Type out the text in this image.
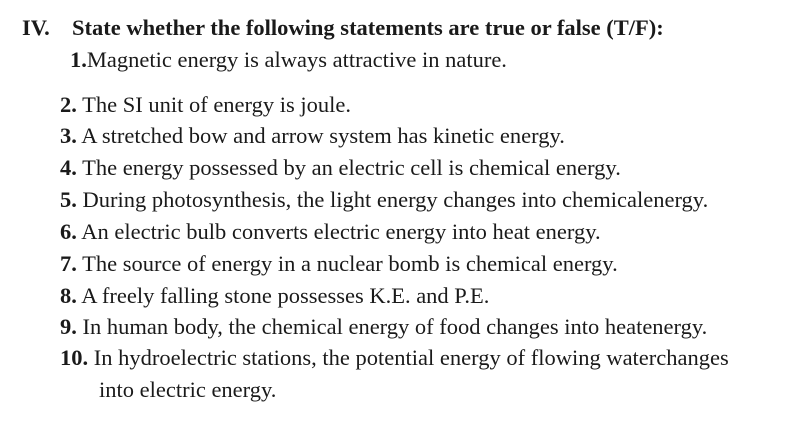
IV. State whether the following statements are true or false (T/F):
1.Magnetic energy is always attractive in nature.
2. The SI unit of energy is joule.
3. A stretched bow and arrow system has kinetic energy.
4. The energy possessed by an electric cell is chemical energy.
5. During photosynthesis, the light energy changes into chemicalenergy.
6. An electric bulb converts electric energy into heat energy.
7. The source of energy in a nuclear bomb is chemical energy.
8. A freely falling stone possesses K.E. and P.E.
9. In human body, the chemical energy of food changes into heatenergy.
10. In hydroelectric stations, the potential energy of flowing waterchanges
into electric energy.
